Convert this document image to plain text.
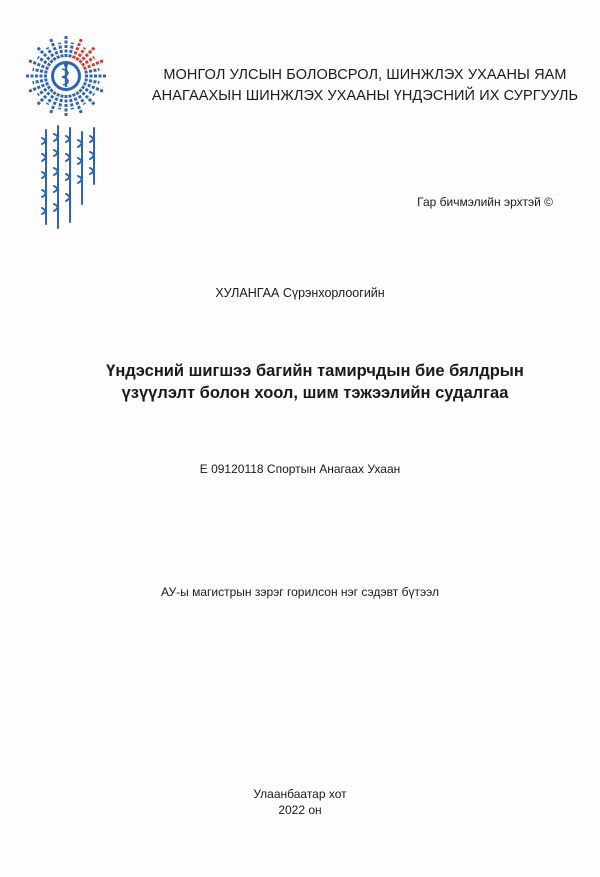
МОНГОЛ УЛСЫН БОЛОВСРОЛ, ШИНЖЛЭХ УХААНЫ ЯАМ
АНАГААХЫН ШИНЖЛЭХ УХААНЫ ҮНДЭСНИЙ ИХ СУРГУУЛЬ
Гар бичмэлийн эрхтэй ©
ХУЛАНГАА Сүрэнхорлоогийн
Үндэсний шигшээ багийн тамирчдын бие бялдрын
үзүүлэлт болон хоол, шим тэжээлийн судалгаа
Е 09120118 Спортын Анагаах Ухаан
АУ-ы магистрын зэрэг горилсон нэг сэдэвт бүтээл
Улаанбаатар хот
2022 он
